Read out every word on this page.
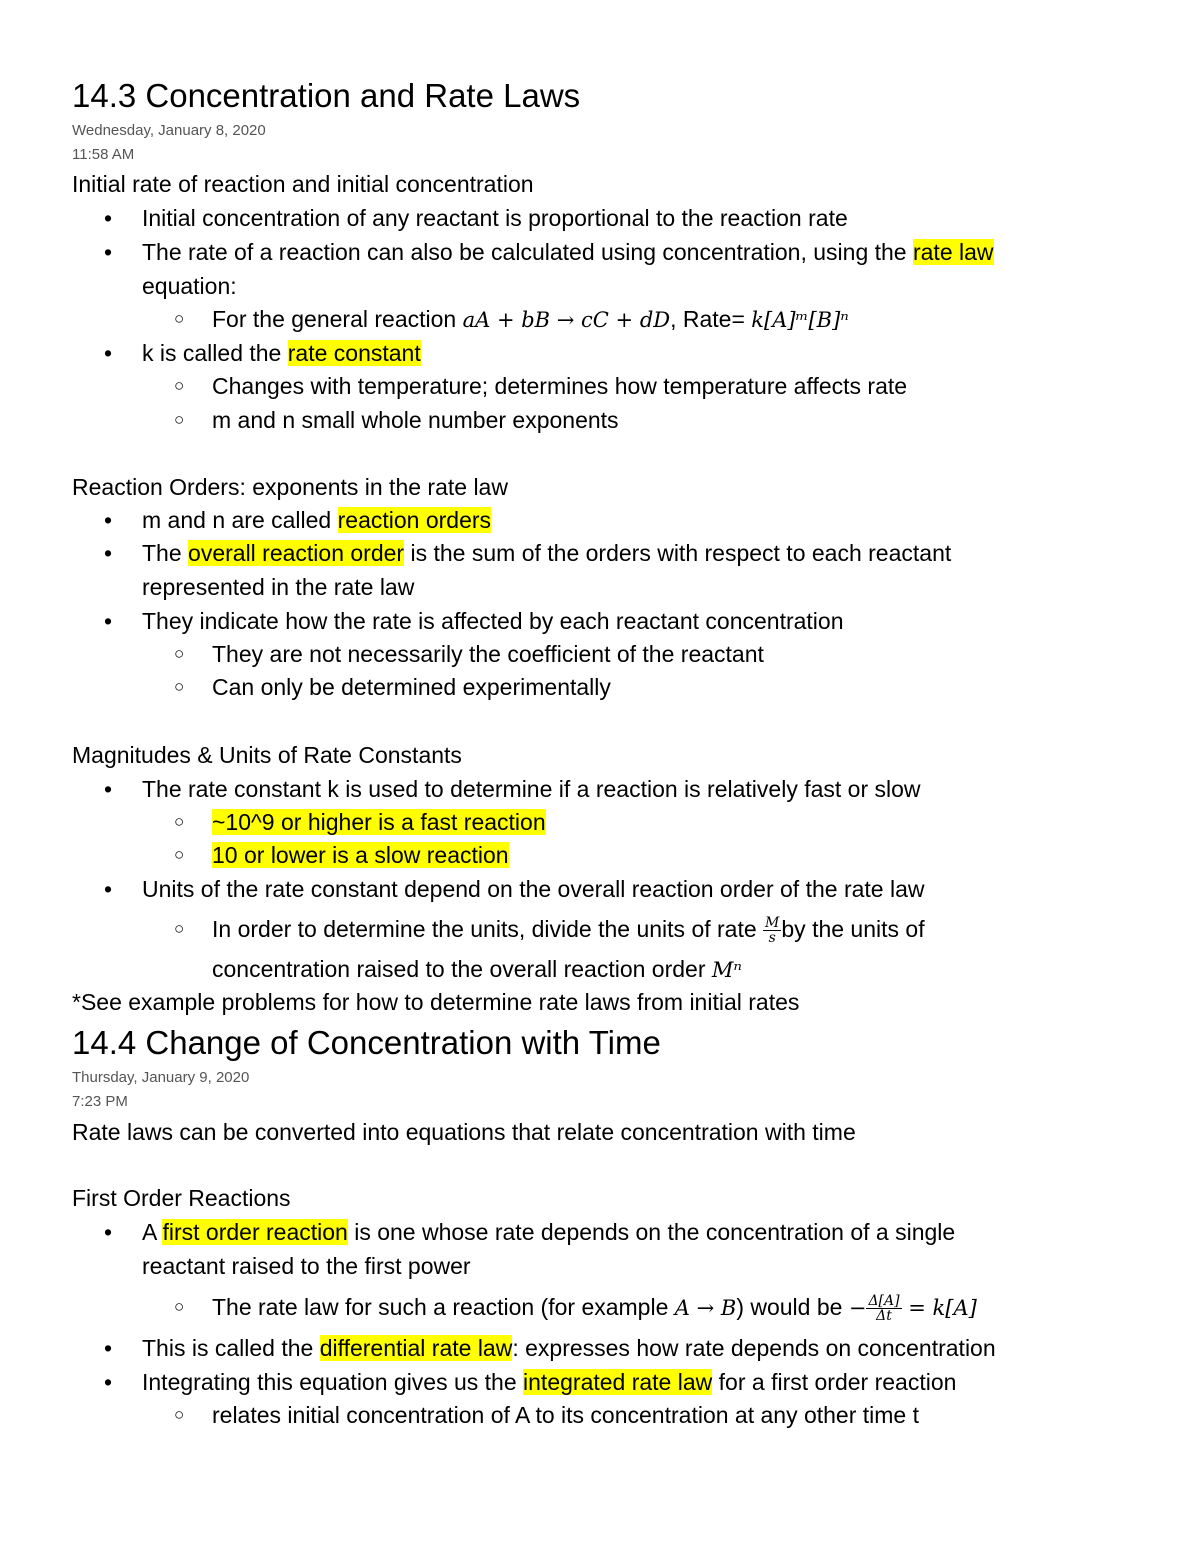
14.3 Concentration and Rate Laws
Wednesday, January 8, 2020
11:58 AM
Initial rate of reaction and initial concentration
• Initial concentration of any reactant is proportional to the reaction rate
• The rate of a reaction can also be calculated using concentration, using the rate law
equation:
○ For the general reaction aA + bB → cC + dD, Rate= k[A]ᵐ[B]ⁿ
• k is called the rate constant
○ Changes with temperature; determines how temperature affects rate
○ m and n small whole number exponents
Reaction Orders: exponents in the rate law
• m and n are called reaction orders
• The overall reaction order is the sum of the orders with respect to each reactant
represented in the rate law
• They indicate how the rate is affected by each reactant concentration
○ They are not necessarily the coefficient of the reactant
○ Can only be determined experimentally
Magnitudes & Units of Rate Constants
• The rate constant k is used to determine if a reaction is relatively fast or slow
○ ~10^9 or higher is a fast reaction
○ 10 or lower is a slow reaction
• Units of the rate constant depend on the overall reaction order of the rate law
○ In order to determine the units, divide the units of rate $\frac{M}{s}$ by the units of
concentration raised to the overall reaction order Mⁿ
*See example problems for how to determine rate laws from initial rates
14.4 Change of Concentration with Time
Thursday, January 9, 2020
7:23 PM
Rate laws can be converted into equations that relate concentration with time
First Order Reactions
• A first order reaction is one whose rate depends on the concentration of a single
reactant raised to the first power
○ The rate law for such a reaction (for example A → B) would be − $\frac{\Delta[A]}{\Delta t} = k[A]$
• This is called the differential rate law: expresses how rate depends on concentration
• Integrating this equation gives us the integrated rate law for a first order reaction
○ relates initial concentration of A to its concentration at any other time t
